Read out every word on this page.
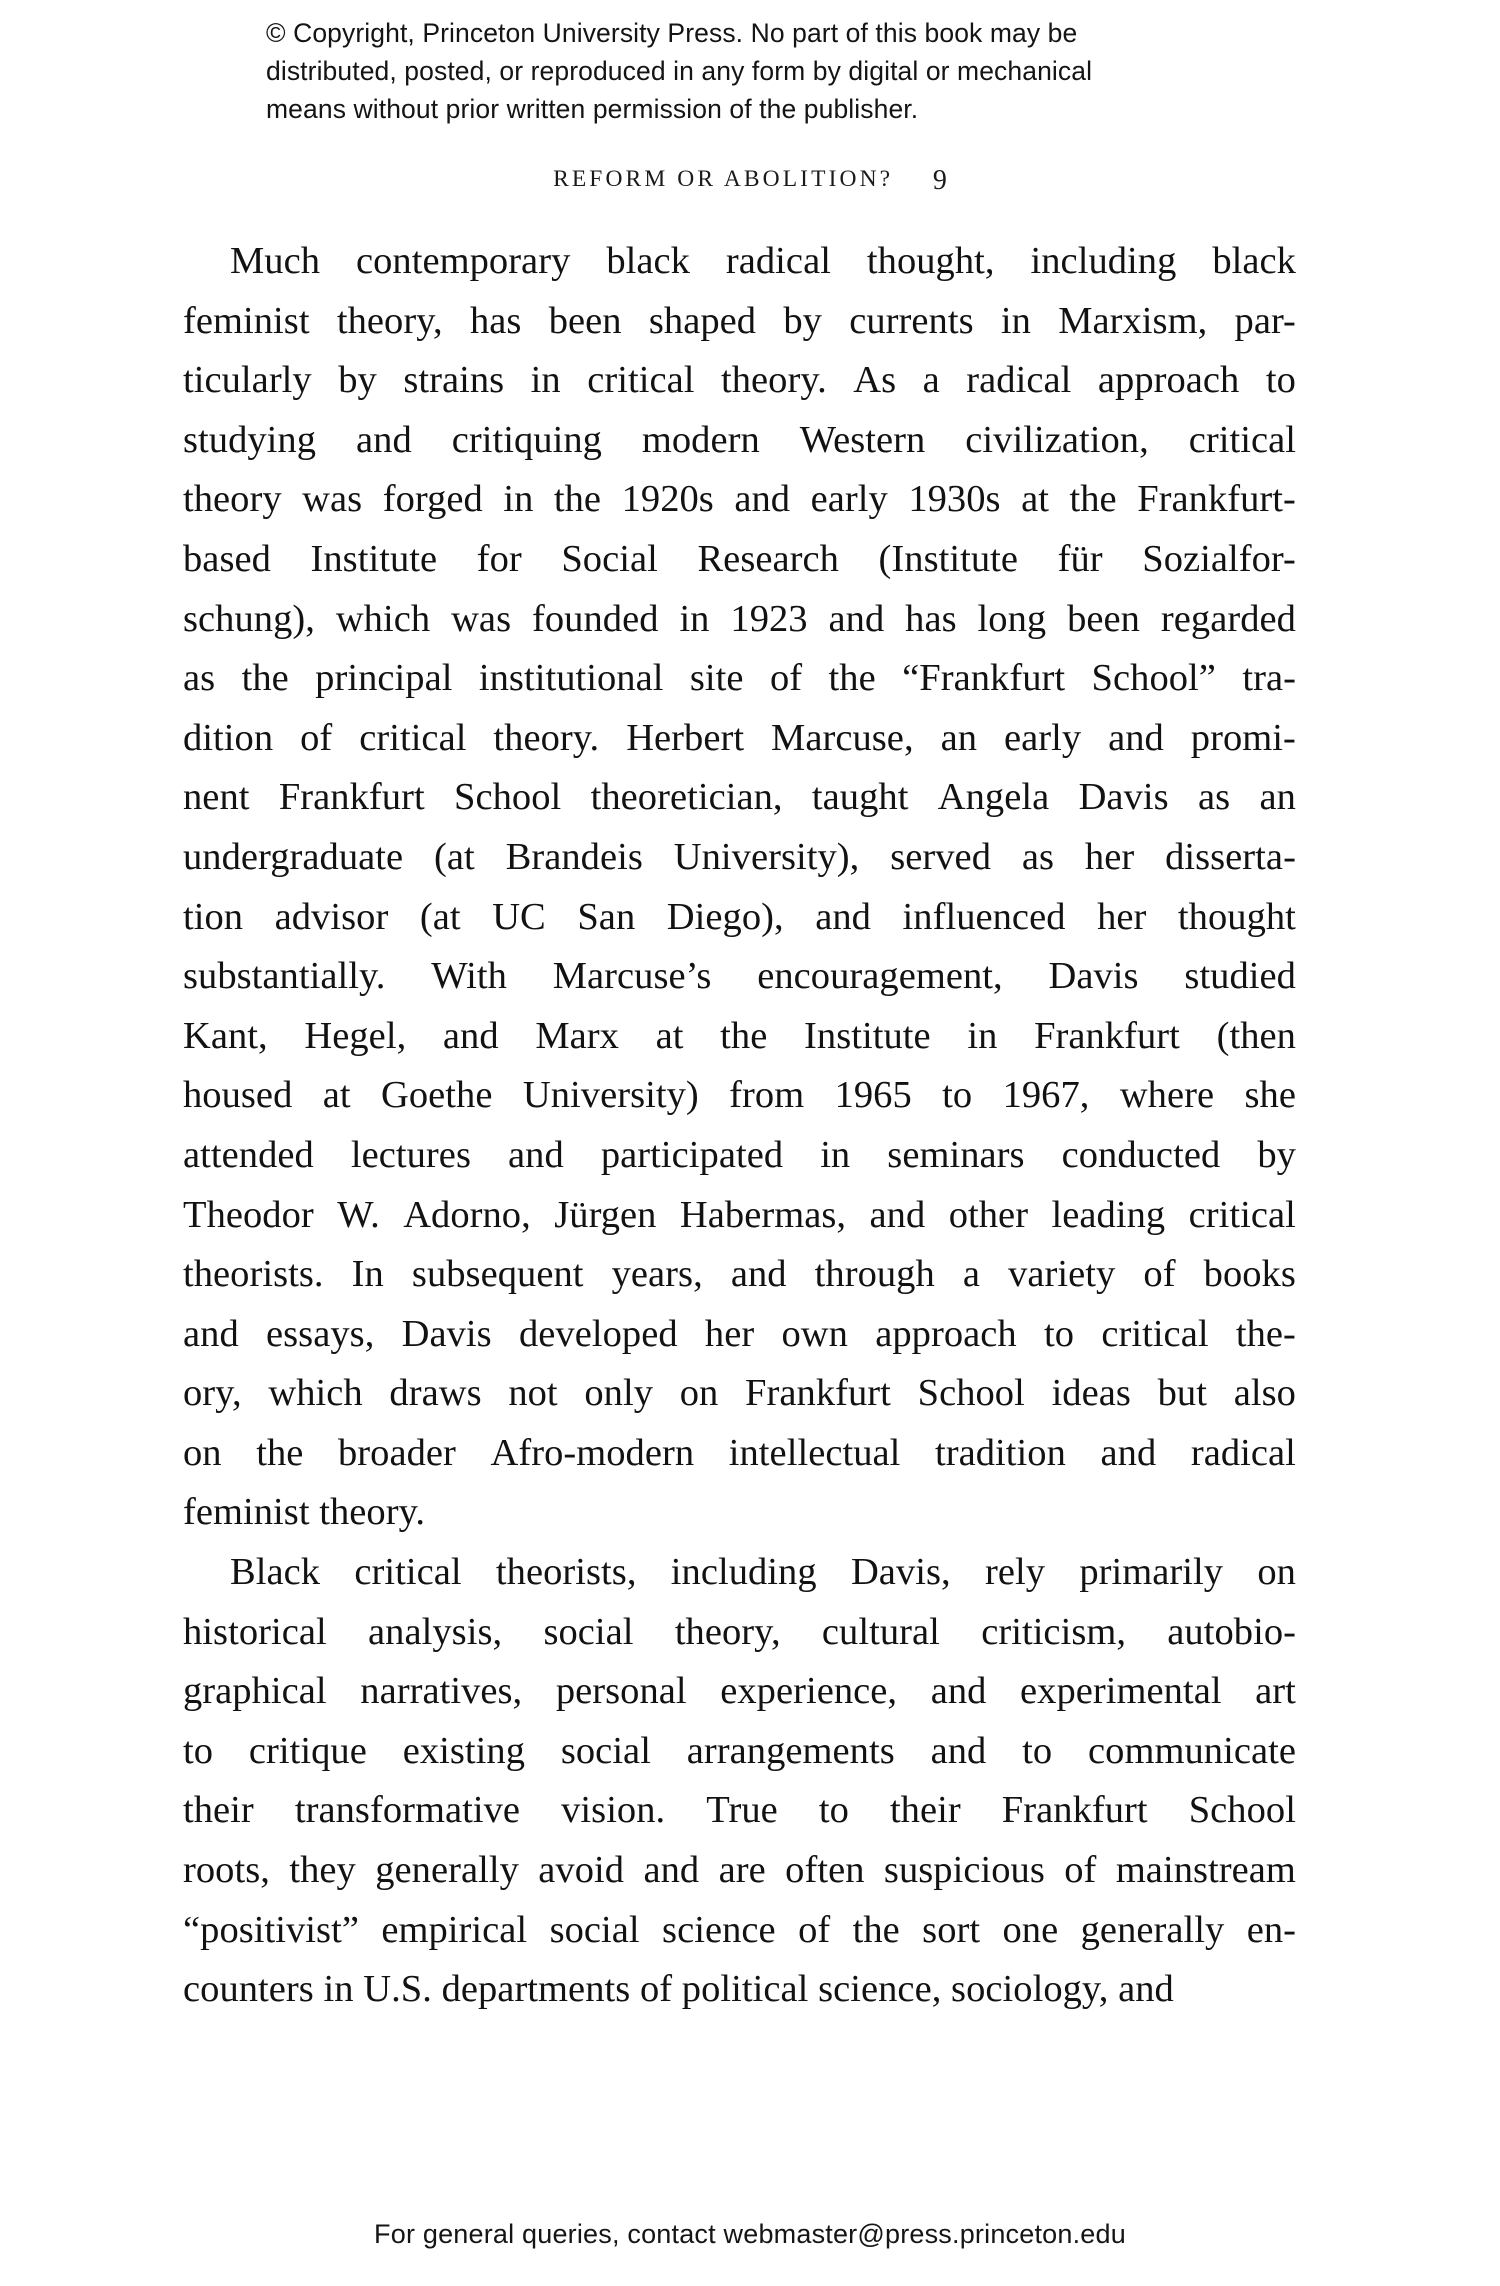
© Copyright, Princeton University Press. No part of this book may be
distributed, posted, or reproduced in any form by digital or mechanical
means without prior written permission of the publisher.
REFORM OR ABOLITION? 9

Much contemporary black radical thought, including black
feminist theory, has been shaped by currents in Marxism, par-
ticularly by strains in critical theory. As a radical approach to
studying and critiquing modern Western civilization, critical
theory was forged in the 1920s and early 1930s at the Frankfurt-
based Institute for Social Research (Institute für Sozialfor-
schung), which was founded in 1923 and has long been regarded
as the principal institutional site of the “Frankfurt School” tra-
dition of critical theory. Herbert Marcuse, an early and promi-
nent Frankfurt School theoretician, taught Angela Davis as an
undergraduate (at Brandeis University), served as her disserta-
tion advisor (at UC San Diego), and influenced her thought
substantially. With Marcuse’s encouragement, Davis studied
Kant, Hegel, and Marx at the Institute in Frankfurt (then
housed at Goethe University) from 1965 to 1967, where she
attended lectures and participated in seminars conducted by
Theodor W. Adorno, Jürgen Habermas, and other leading critical
theorists. In subsequent years, and through a variety of books
and essays, Davis developed her own approach to critical the-
ory, which draws not only on Frankfurt School ideas but also
on the broader Afro-modern intellectual tradition and radical
feminist theory.

Black critical theorists, including Davis, rely primarily on
historical analysis, social theory, cultural criticism, autobio-
graphical narratives, personal experience, and experimental art
to critique existing social arrangements and to communicate
their transformative vision. True to their Frankfurt School
roots, they generally avoid and are often suspicious of mainstream
“positivist” empirical social science of the sort one generally en-
counters in U.S. departments of political science, sociology, and

For general queries, contact webmaster@press.princeton.edu
